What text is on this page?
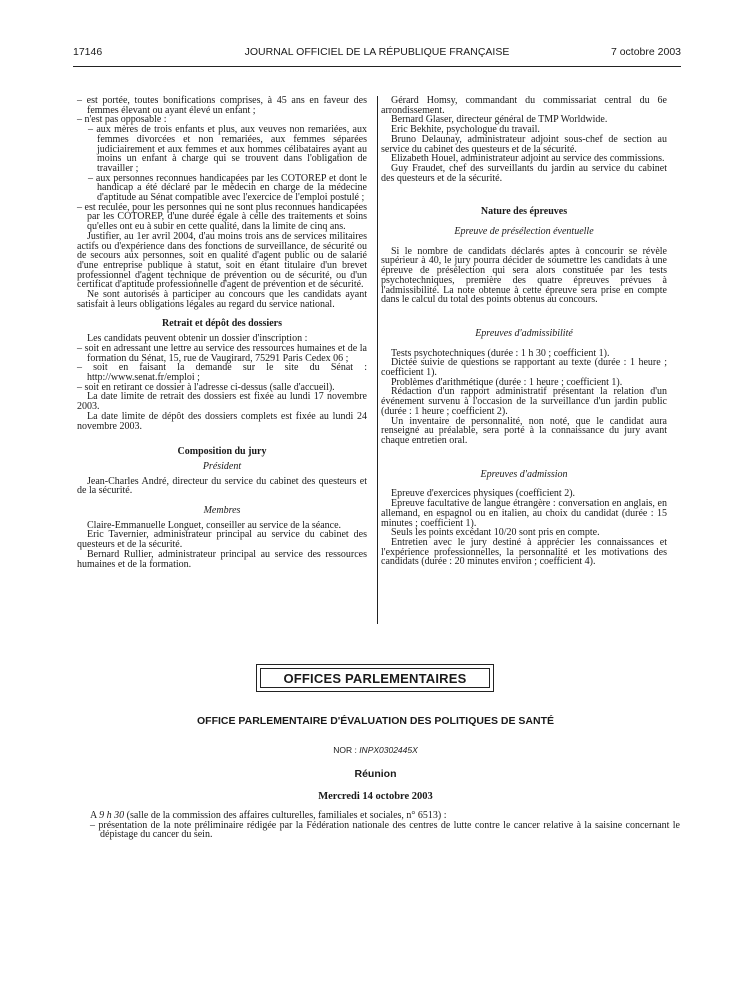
17146	JOURNAL OFFICIEL DE LA RÉPUBLIQUE FRANÇAISE	7 octobre 2003

– est portée, toutes bonifications comprises, à 45 ans en faveur des femmes élevant ou ayant élevé un enfant ;

– n'est pas opposable :

– aux mères de trois enfants et plus, aux veuves non remariées, aux femmes divorcées et non remariées, aux femmes séparées judiciairement et aux femmes et aux hommes célibataires ayant au moins un enfant à charge qui se trouvent dans l'obligation de travailler ;

– aux personnes reconnues handicapées par les COTOREP et dont le handicap a été déclaré par le médecin en charge de la médecine d'aptitude au Sénat compatible avec l'exercice de l'emploi postulé ;

– est reculée, pour les personnes qui ne sont plus reconnues handicapées par les COTOREP, d'une durée égale à celle des traitements et soins qu'elles ont eu à subir en cette qualité, dans la limite de cinq ans.

Justifier, au 1er avril 2004, d'au moins trois ans de services militaires actifs ou d'expérience dans des fonctions de surveillance, de sécurité ou de secours aux personnes, soit en qualité d'agent public ou de salarié d'une entreprise publique à statut, soit en étant titulaire d'un brevet professionnel d'agent technique de prévention ou de sécurité, ou d'un certificat d'aptitude professionnelle d'agent de prévention et de sécurité.

Ne sont autorisés à participer au concours que les candidats ayant satisfait à leurs obligations légales au regard du service national.

Retrait et dépôt des dossiers

Les candidats peuvent obtenir un dossier d'inscription :

– soit en adressant une lettre au service des ressources humaines et de la formation du Sénat, 15, rue de Vaugirard, 75291 Paris Cedex 06 ;

– soit en faisant la demande sur le site du Sénat : http://www.senat.fr/emploi ;

– soit en retirant ce dossier à l'adresse ci-dessus (salle d'accueil).

La date limite de retrait des dossiers est fixée au lundi 17 novembre 2003.

La date limite de dépôt des dossiers complets est fixée au lundi 24 novembre 2003.

Composition du jury

Président

Jean-Charles André, directeur du service du cabinet des questeurs et de la sécurité.

Membres

Claire-Emmanuelle Longuet, conseiller au service de la séance.

Eric Tavernier, administrateur principal au service du cabinet des questeurs et de la sécurité.

Bernard Rullier, administrateur principal au service des ressources humaines et de la formation.

Gérard Homsy, commandant du commissariat central du 6e arrondissement.

Bernard Glaser, directeur général de TMP Worldwide.

Eric Bekhite, psychologue du travail.

Bruno Delaunay, administrateur adjoint sous-chef de section au service du cabinet des questeurs et de la sécurité.

Elizabeth Houel, administrateur adjoint au service des commissions.

Guy Fraudet, chef des surveillants du jardin au service du cabinet des questeurs et de la sécurité.

Nature des épreuves

Epreuve de présélection éventuelle

Si le nombre de candidats déclarés aptes à concourir se révèle supérieur à 40, le jury pourra décider de soumettre les candidats à une épreuve de présélection qui sera alors constituée par les tests psychotechniques, première des quatre épreuves prévues à l'admissibilité. La note obtenue à cette épreuve sera prise en compte dans le calcul du total des points obtenus au concours.

Epreuves d'admissibilité

Tests psychotechniques (durée : 1 h 30 ; coefficient 1).

Dictée suivie de questions se rapportant au texte (durée : 1 heure ; coefficient 1).

Problèmes d'arithmétique (durée : 1 heure ; coefficient 1).

Rédaction d'un rapport administratif présentant la relation d'un événement survenu à l'occasion de la surveillance d'un jardin public (durée : 1 heure ; coefficient 2).

Un inventaire de personnalité, non noté, que le candidat aura renseigné au préalable, sera porté à la connaissance du jury avant chaque entretien oral.

Epreuves d'admission

Epreuve d'exercices physiques (coefficient 2).

Epreuve facultative de langue étrangère : conversation en anglais, en allemand, en espagnol ou en italien, au choix du candidat (durée : 15 minutes ; coefficient 1).

Seuls les points excédant 10/20 sont pris en compte.

Entretien avec le jury destiné à apprécier les connaissances et l'expérience professionnelles, la personnalité et les motivations des candidats (durée : 20 minutes environ ; coefficient 4).

OFFICES PARLEMENTAIRES
OFFICE PARLEMENTAIRE D'ÉVALUATION DES POLITIQUES DE SANTÉ
NOR : INPX0302445X
Réunion
Mercredi 14 octobre 2003

A 9 h 30 (salle de la commission des affaires culturelles, familiales et sociales, n° 6513) :

– présentation de la note préliminaire rédigée par la Fédération nationale des centres de lutte contre le cancer relative à la saisine concernant le dépistage du cancer du sein.
